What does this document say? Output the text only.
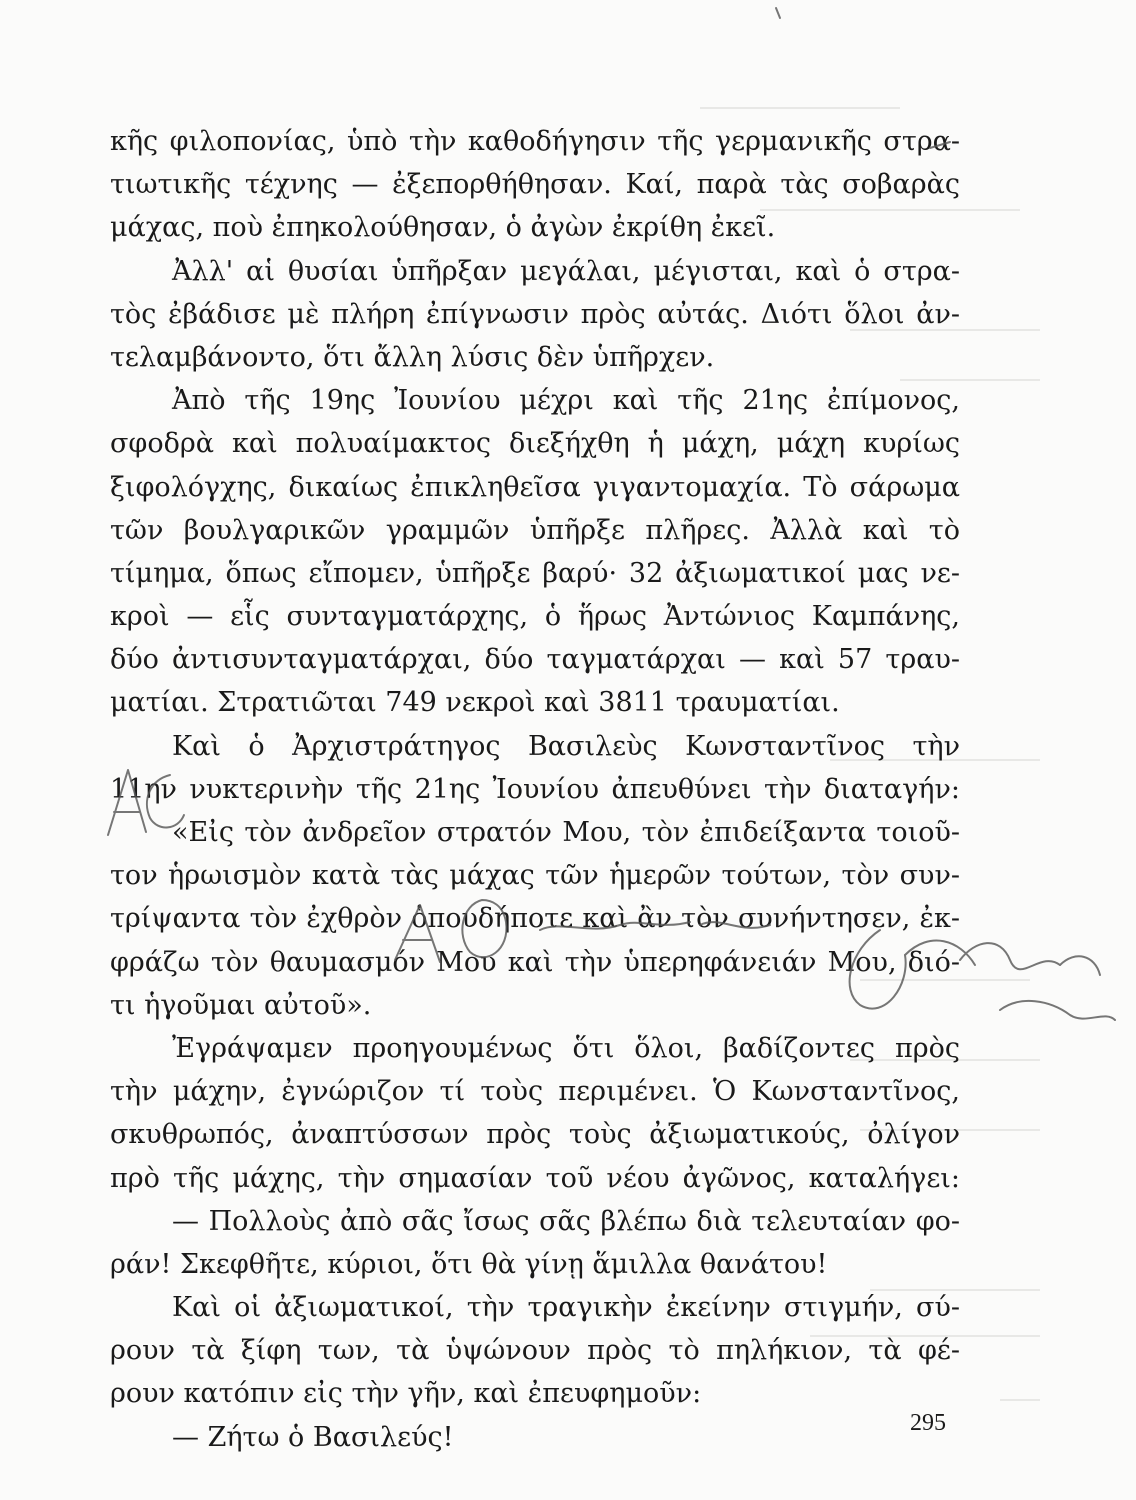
κῆς φιλοπονίας, ὑπὸ τὴν καθοδήγησιν τῆς γερμανικῆς στρα-
τιωτικῆς τέχνης — ἐξεπορθήθησαν. Καί, παρὰ τὰς σοβαρὰς
μάχας, ποὺ ἐπηκολούθησαν, ὁ ἀγὼν ἐκρίθη ἐκεῖ.
Ἀλλ' αἱ θυσίαι ὑπῆρξαν μεγάλαι, μέγισται, καὶ ὁ στρα-
τὸς ἐβάδισε μὲ πλήρη ἐπίγνωσιν πρὸς αὐτάς. Διότι ὅλοι ἀν-
τελαμβάνοντο, ὅτι ἄλλη λύσις δὲν ὑπῆρχεν.
Ἀπὸ τῆς 19ης Ἰουνίου μέχρι καὶ τῆς 21ης ἐπίμονος,
σφοδρὰ καὶ πολυαίμακτος διεξήχθη ἡ μάχη, μάχη κυρίως
ξιφολόγχης, δικαίως ἐπικληθεῖσα γιγαντομαχία. Τὸ σάρωμα
τῶν βουλγαρικῶν γραμμῶν ὑπῆρξε πλῆρες. Ἀλλὰ καὶ τὸ
τίμημα, ὅπως εἴπομεν, ὑπῆρξε βαρύ· 32 ἀξιωματικοί μας νε-
κροὶ — εἷς συνταγματάρχης, ὁ ἥρως Ἀντώνιος Καμπάνης,
δύο ἀντισυνταγματάρχαι, δύο ταγματάρχαι — καὶ 57 τραυ-
ματίαι. Στρατιῶται 749 νεκροὶ καὶ 3811 τραυματίαι.
Καὶ ὁ Ἀρχιστράτηγος Βασιλεὺς Κωνσταντῖνος τὴν
11ην νυκτερινὴν τῆς 21ης Ἰουνίου ἀπευθύνει τὴν διαταγήν:
«Εἰς τὸν ἀνδρεῖον στρατόν Μου, τὸν ἐπιδείξαντα τοιοῦ-
τον ἡρωισμὸν κατὰ τὰς μάχας τῶν ἡμερῶν τούτων, τὸν συν-
τρίψαντα τὸν ἐχθρὸν ὁπουδήποτε καὶ ἂν τὸν συνήντησεν, ἐκ-
φράζω τὸν θαυμασμόν Μου καὶ τὴν ὑπερηφάνειάν Μου, διό-
τι ἡγοῦμαι αὐτοῦ».
Ἐγράψαμεν προηγουμένως ὅτι ὅλοι, βαδίζοντες πρὸς
τὴν μάχην, ἐγνώριζον τί τοὺς περιμένει. Ὁ Κωνσταντῖνος,
σκυθρωπός, ἀναπτύσσων πρὸς τοὺς ἀξιωματικούς, ὀλίγον
πρὸ τῆς μάχης, τὴν σημασίαν τοῦ νέου ἀγῶνος, καταλήγει:
— Πολλοὺς ἀπὸ σᾶς ἴσως σᾶς βλέπω διὰ τελευταίαν φο-
ράν! Σκεφθῆτε, κύριοι, ὅτι θὰ γίνῃ ἅμιλλα θανάτου!
Καὶ οἱ ἀξιωματικοί, τὴν τραγικὴν ἐκείνην στιγμήν, σύ-
ρουν τὰ ξίφη των, τὰ ὑψώνουν πρὸς τὸ πηλήκιον, τὰ φέ-
ρουν κατόπιν εἰς τὴν γῆν, καὶ ἐπευφημοῦν:
— Ζήτω ὁ Βασιλεύς!	295
